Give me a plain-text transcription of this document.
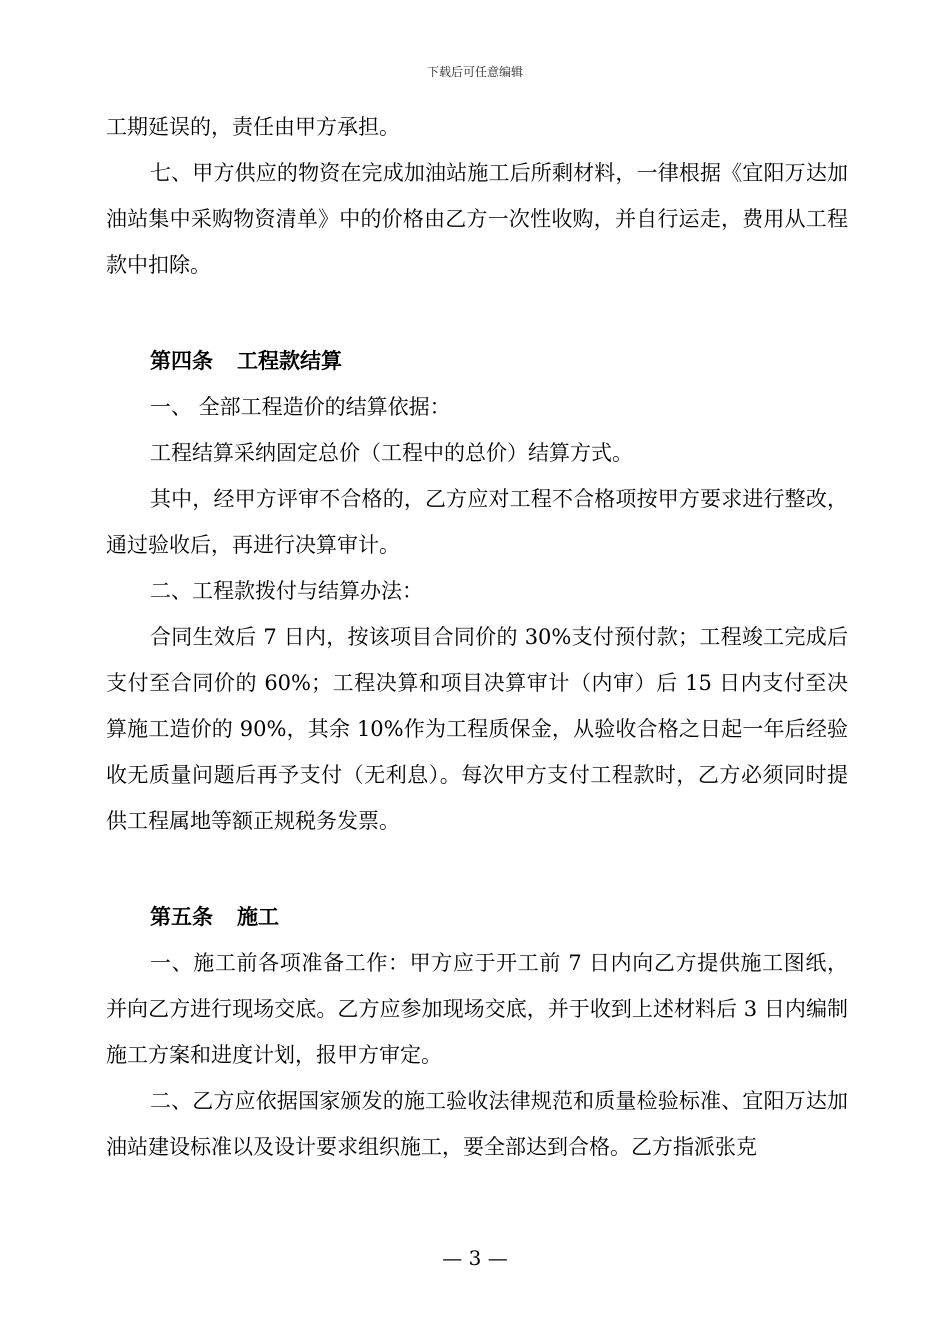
下载后可任意编辑

工期延误的，责任由甲方承担。

七、甲方供应的物资在完成加油站施工后所剩材料，一律根据《宜阳万达加油站集中采购物资清单》中的价格由乙方一次性收购，并自行运走，费用从工程款中扣除。

第四条 工程款结算

一、 全部工程造价的结算依据：

工程结算采纳固定总价（工程中的总价）结算方式。

其中，经甲方评审不合格的，乙方应对工程不合格项按甲方要求进行整改，通过验收后，再进行决算审计。

二、工程款拨付与结算办法：

合同生效后 7 日内，按该项目合同价的 30%支付预付款；工程竣工完成后支付至合同价的 60%；工程决算和项目决算审计（内审）后 15 日内支付至决算施工造价的 90%，其余 10%作为工程质保金，从验收合格之日起一年后经验收无质量问题后再予支付（无利息）。每次甲方支付工程款时，乙方必须同时提供工程属地等额正规税务发票。

第五条 施工

一、施工前各项准备工作：甲方应于开工前 7 日内向乙方提供施工图纸，并向乙方进行现场交底。乙方应参加现场交底，并于收到上述材料后 3 日内编制施工方案和进度计划，报甲方审定。

二、乙方应依据国家颁发的施工验收法律规范和质量检验标准、宜阳万达加油站建设标准以及设计要求组织施工，要全部达到合格。乙方指派张克

— 3 —
